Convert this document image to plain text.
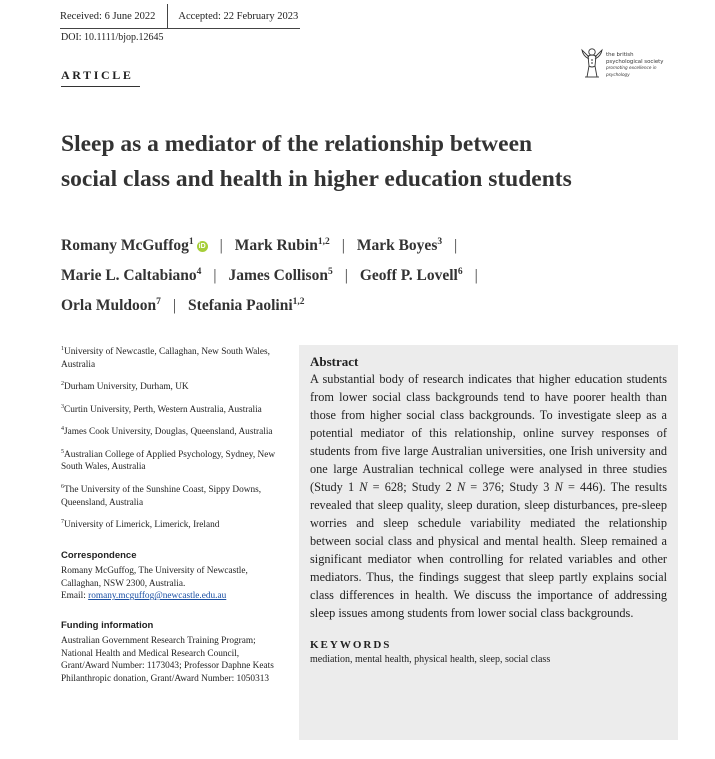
Received: 6 June 2022 Accepted: 22 February 2023
DOI: 10.1111/bjop.12645
ARTICLE
the british
psychological society
promoting excellence in psychology
Sleep as a mediator of the relationship between
social class and health in higher education students
Romany McGuffog$^1$ iD | Mark Rubin$^{1,2}$ | Mark Boyes$^3$ |
Marie L. Caltabiano$^4$ | James Collison$^5$ | Geoff P. Lovell$^6$ |
Orla Muldoon$^7$ | Stefania Paolini$^{1,2}$
$^1$University of Newcastle, Callaghan, New South Wales, Australia
$^2$Durham University, Durham, UK
$^3$Curtin University, Perth, Western Australia, Australia
$^4$James Cook University, Douglas, Queensland, Australia
$^5$Australian College of Applied Psychology, Sydney, New South Wales, Australia
$^6$The University of the Sunshine Coast, Sippy Downs, Queensland, Australia
$^7$University of Limerick, Limerick, Ireland
Correspondence
Romany McGuffog, The University of Newcastle, Callaghan, NSW 2300, Australia.
Email: romany.mcguffog@newcastle.edu.au
Funding information
Australian Government Research Training Program; National Health and Medical Research Council, Grant/Award Number: 1173043; Professor Daphne Keats Philanthropic donation, Grant/Award Number: 1050313
Abstract

A substantial body of research indicates that higher education students from lower social class backgrounds tend to have poorer health than those from higher social class backgrounds. To investigate sleep as a potential mediator of this relationship, online survey responses of students from five large Australian universities, one Irish university and one large Australian technical college were analysed in three studies (Study 1 N = 628; Study 2 N = 376; Study 3 N = 446). The results revealed that sleep quality, sleep duration, sleep disturbances, pre-sleep worries and sleep schedule variability mediated the relationship between social class and physical and mental health. Sleep remained a significant mediator when controlling for related variables and other mediators. Thus, the findings suggest that sleep partly explains social class differences in health. We discuss the importance of addressing sleep issues among students from lower social class backgrounds.

KEYWORDS
mediation, mental health, physical health, sleep, social class
